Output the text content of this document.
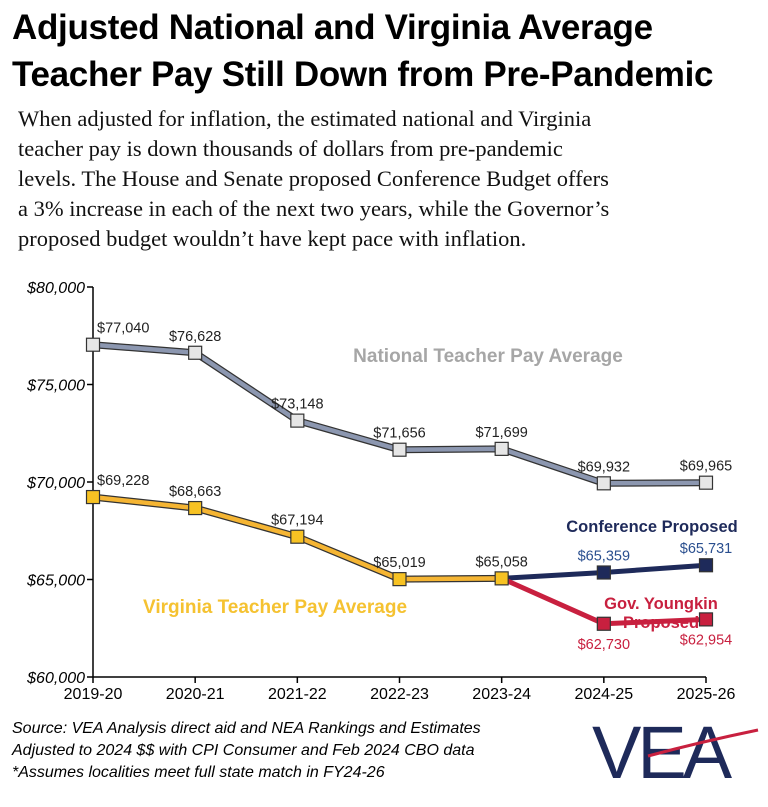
Adjusted National and Virginia Average
Teacher Pay Still Down from Pre-Pandemic
When adjusted for inflation, the estimated national and Virginia
teacher pay is down thousands of dollars from pre-pandemic
levels. The House and Senate proposed Conference Budget offers
a 3% increase in each of the next two years, while the Governor’s
proposed budget wouldn’t have kept pace with inflation.
$60,000
$65,000
$70,000
$75,000
$80,000
2019-20	2020-21	2021-22	2022-23	2023-24	2024-25	2025-26
$77,040
$76,628
$73,148
$71,656	$71,699
$69,932	$69,965
$69,228
$68,663
$67,194
$65,019	$65,058	$65,359	$65,731
$62,730	$62,954
National Teacher Pay Average
Virginia Teacher Pay Average
Conference Proposed
Gov. Youngkin
Proposed
Source: VEA Analysis direct aid and NEA Rankings and Estimates
Adjusted to 2024 $$ with CPI Consumer and Feb 2024 CBO data
*Assumes localities meet full state match in FY24-26	VEA
